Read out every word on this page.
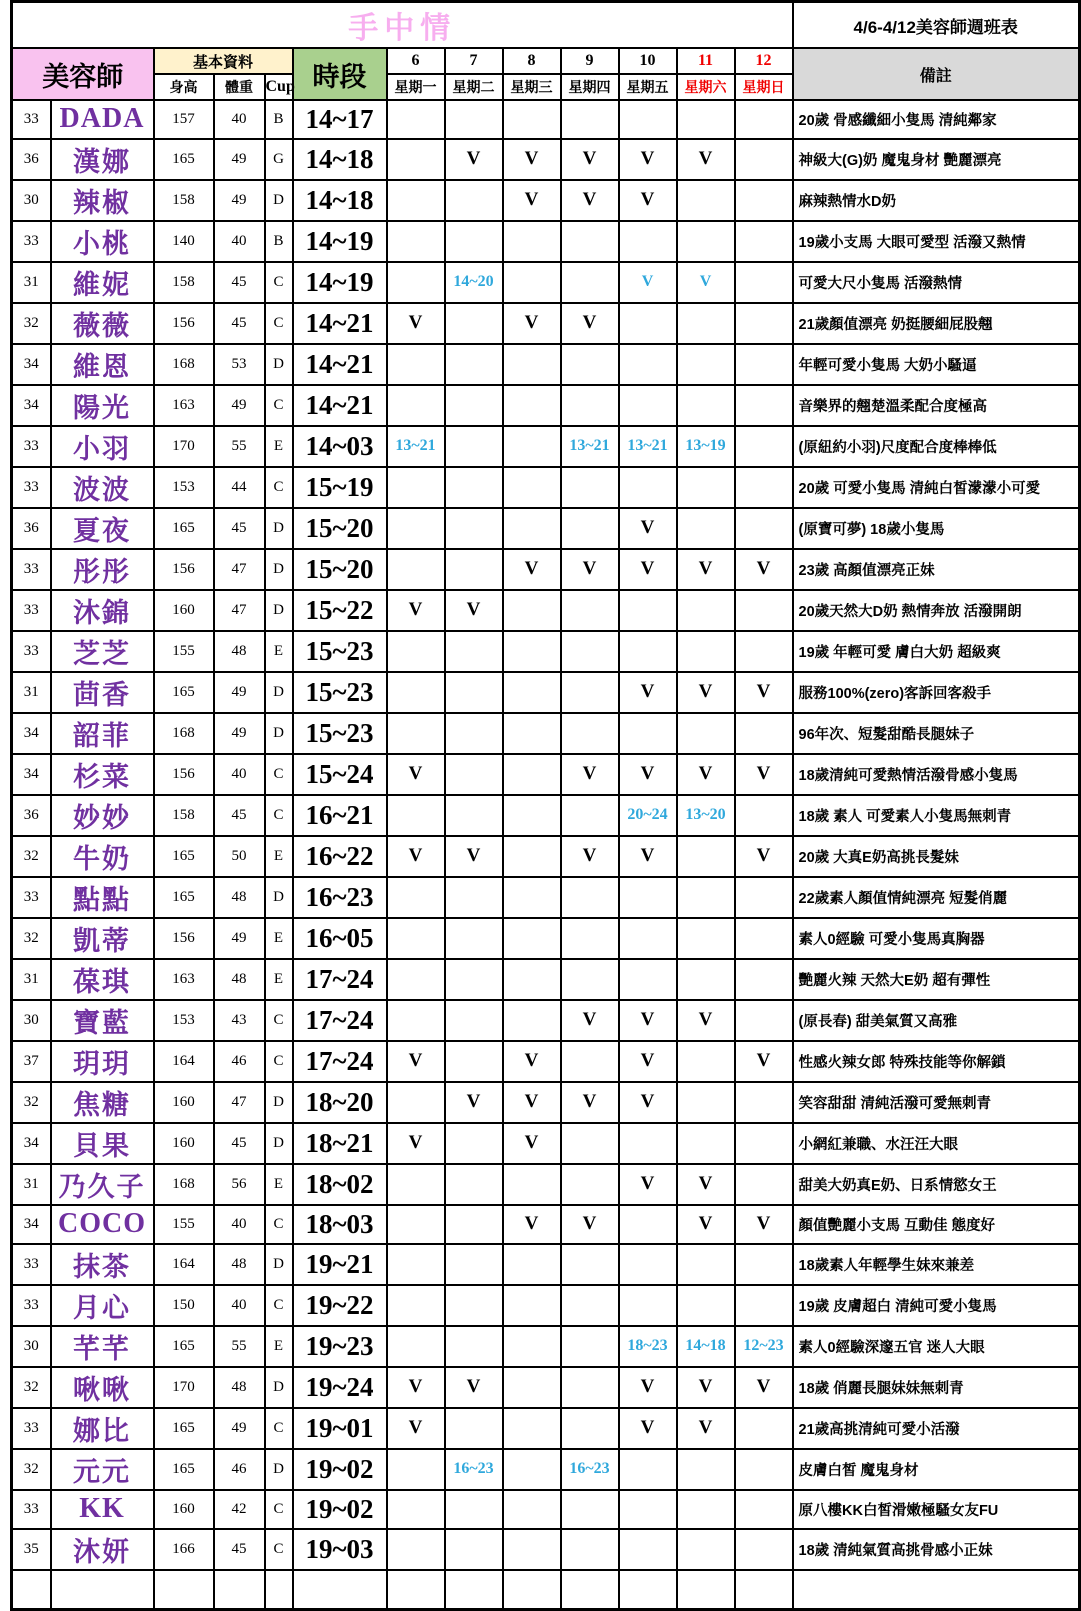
手中情													4/6-4/12美容師週班表
美容師		基本資料			時段	6	7	8	9	10	11	12	備註
		身高	體重	Cup		星期一	星期二	星期三	星期四	星期五	星期六	星期日	
33	DADA	157	40	B	14~17								20歲 骨感纖細小隻馬 清純鄰家
36	漢娜	165	49	G	14~18		V	V	V	V	V		神級大(G)奶 魔鬼身材 艷麗漂亮
30	辣椒	158	49	D	14~18			V	V	V			麻辣熱情水D奶
33	小桃	140	40	B	14~19								19歲小支馬 大眼可愛型 活潑又熱情
31	維妮	158	45	C	14~19		14~20			V	V		可愛大尺小隻馬 活潑熱情
32	薇薇	156	45	C	14~21	V		V	V				21歲顏值漂亮 奶挺腰細屁股翹
34	維恩	168	53	D	14~21								年輕可愛小隻馬 大奶小騷逼
34	陽光	163	49	C	14~21								音樂界的翹楚溫柔配合度極高
33	小羽	170	55	E	14~03	13~21			13~21	13~21	13~19		(原紐約小羽)尺度配合度棒棒低
33	波波	153	44	C	15~19								20歲 可愛小隻馬 清純白皙濛濛小可愛
36	夏夜	165	45	D	15~20					V			(原寶可夢) 18歲小隻馬
33	彤彤	156	47	D	15~20			V	V	V	V	V	23歲 高顏值漂亮正妹
33	沐錦	160	47	D	15~22	V	V						20歲天然大D奶 熱情奔放 活潑開朗
33	芝芝	155	48	E	15~23								19歲 年輕可愛 膚白大奶 超級爽
31	茴香	165	49	D	15~23					V	V	V	服務100%(zero)客訴回客殺手
34	韶菲	168	49	D	15~23								96年次、短髮甜酷長腿妹子
34	杉菜	156	40	C	15~24	V			V	V	V	V	18歲清純可愛熱情活潑骨感小隻馬
36	妙妙	158	45	C	16~21					20~24	13~20		18歲 素人 可愛素人小隻馬無刺青
32	牛奶	165	50	E	16~22	V	V		V	V		V	20歲 大真E奶高挑長髮妹
33	點點	165	48	D	16~23								22歲素人顏值情純漂亮 短髮俏麗
32	凱蒂	156	49	E	16~05								素人0經驗 可愛小隻馬真胸器
31	葆琪	163	48	E	17~24								艷麗火辣 天然大E奶 超有彈性
30	寶藍	153	43	C	17~24				V	V	V		(原長春) 甜美氣質又高雅
37	玥玥	164	46	C	17~24	V		V		V		V	性感火辣女郎 特殊技能等你解鎖
32	焦糖	160	47	D	18~20		V	V	V	V			笑容甜甜 清純活潑可愛無刺青
34	貝果	160	45	D	18~21	V		V					小網紅兼職、水汪汪大眼
31	乃久子	168	56	E	18~02					V	V		甜美大奶真E奶、日系情慾女王
34	COCO	155	40	C	18~03			V	V		V	V	顏值艷麗小支馬 互動佳 態度好
33	抹茶	164	48	D	19~21								18歲素人年輕學生妹來兼差
33	月心	150	40	C	19~22								19歲 皮膚超白 清純可愛小隻馬
30	芊芊	165	55	E	19~23					18~23	14~18	12~23	素人0經驗深邃五官 迷人大眼
32	啾啾	170	48	D	19~24	V	V			V	V	V	18歲 俏麗長腿妹妹無刺青
33	娜比	165	49	C	19~01	V				V	V		21歲高挑清純可愛小活潑
32	元元	165	46	D	19~02		16~23		16~23				皮膚白皙 魔鬼身材
33	KK	160	42	C	19~02								原八樓KK白皙滑嫩極騷女友FU
35	沐妍	166	45	C	19~03								18歲 清純氣質高挑骨感小正妹
